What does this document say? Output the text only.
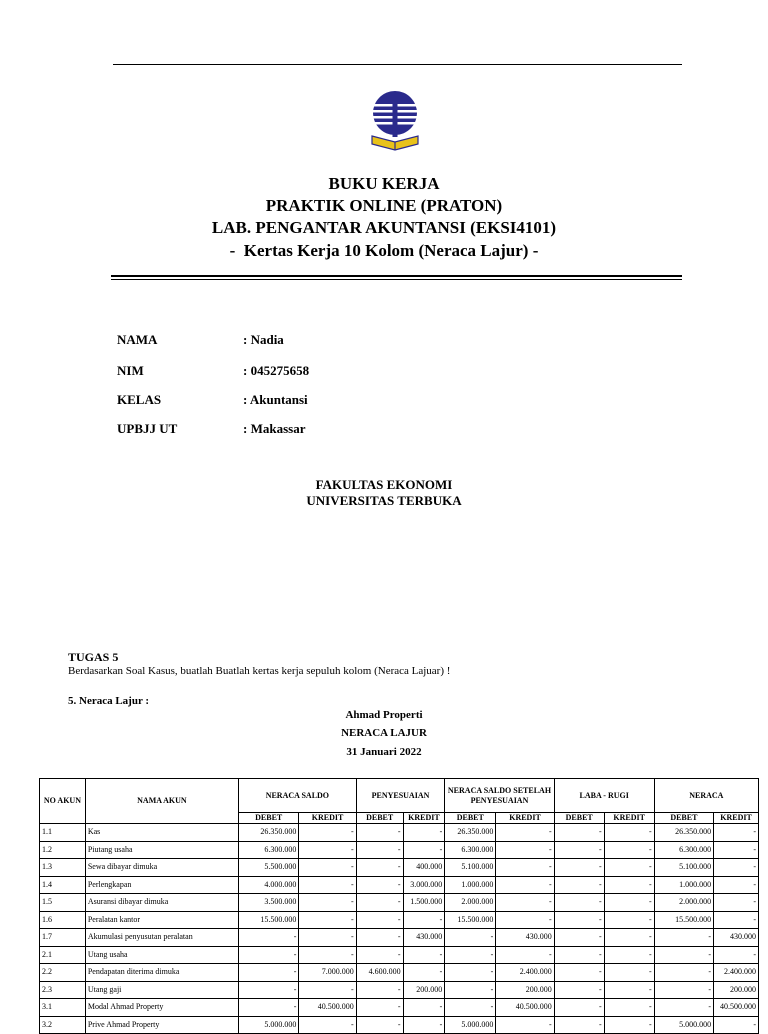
BUKU KERJA
PRAKTIK ONLINE (PRATON)
LAB. PENGANTAR AKUNTANSI (EKSI4101)
-  Kertas Kerja 10 Kolom (Neraca Lajur) -
NAMA	: Nadia
NIM	: 045275658
KELAS	: Akuntansi
UPBJJ UT	: Makassar
FAKULTAS EKONOMI
UNIVERSITAS TERBUKA
TUGAS 5
Berdasarkan Soal Kasus, buatlah Buatlah kertas kerja sepuluh kolom (Neraca Lajuar) !
5. Neraca Lajur :
Ahmad Properti
NERACA LAJUR
31 Januari 2022
NO AKUN	NAMA AKUN	NERACA SALDO		PENYESUAIAN		NERACA SALDO SETELAH PENYESUAIAN		LABA - RUGI		NERACA	
		DEBET	KREDIT	DEBET	KREDIT	DEBET	KREDIT	DEBET	KREDIT	DEBET	KREDIT
1.1	Kas	26.350.000	-	-	-	26.350.000	-	-	-	26.350.000	-
1.2	Piutang usaha	6.300.000	-	-	-	6.300.000	-	-	-	6.300.000	-
1.3	Sewa dibayar dimuka	5.500.000	-	-	400.000	5.100.000	-	-	-	5.100.000	-
1.4	Perlengkapan	4.000.000	-	-	3.000.000	1.000.000	-	-	-	1.000.000	-
1.5	Asuransi dibayar dimuka	3.500.000	-	-	1.500.000	2.000.000	-	-	-	2.000.000	-
1.6	Peralatan kantor	15.500.000	-	-	-	15.500.000	-	-	-	15.500.000	-
1.7	Akumulasi penyusutan peralatan	-	-	-	430.000	-	430.000	-	-	-	430.000
2.1	Utang usaha	-	-	-	-	-	-	-	-	-	-
2.2	Pendapatan diterima dimuka	-	7.000.000	4.600.000	-	-	2.400.000	-	-	-	2.400.000
2.3	Utang gaji	-	-	-	200.000	-	200.000	-	-	-	200.000
3.1	Modal Ahmad Property	-	40.500.000	-	-	-	40.500.000	-	-	-	40.500.000
3.2	Prive Ahmad Property	5.000.000	-	-	-	5.000.000	-	-	-	5.000.000	-
